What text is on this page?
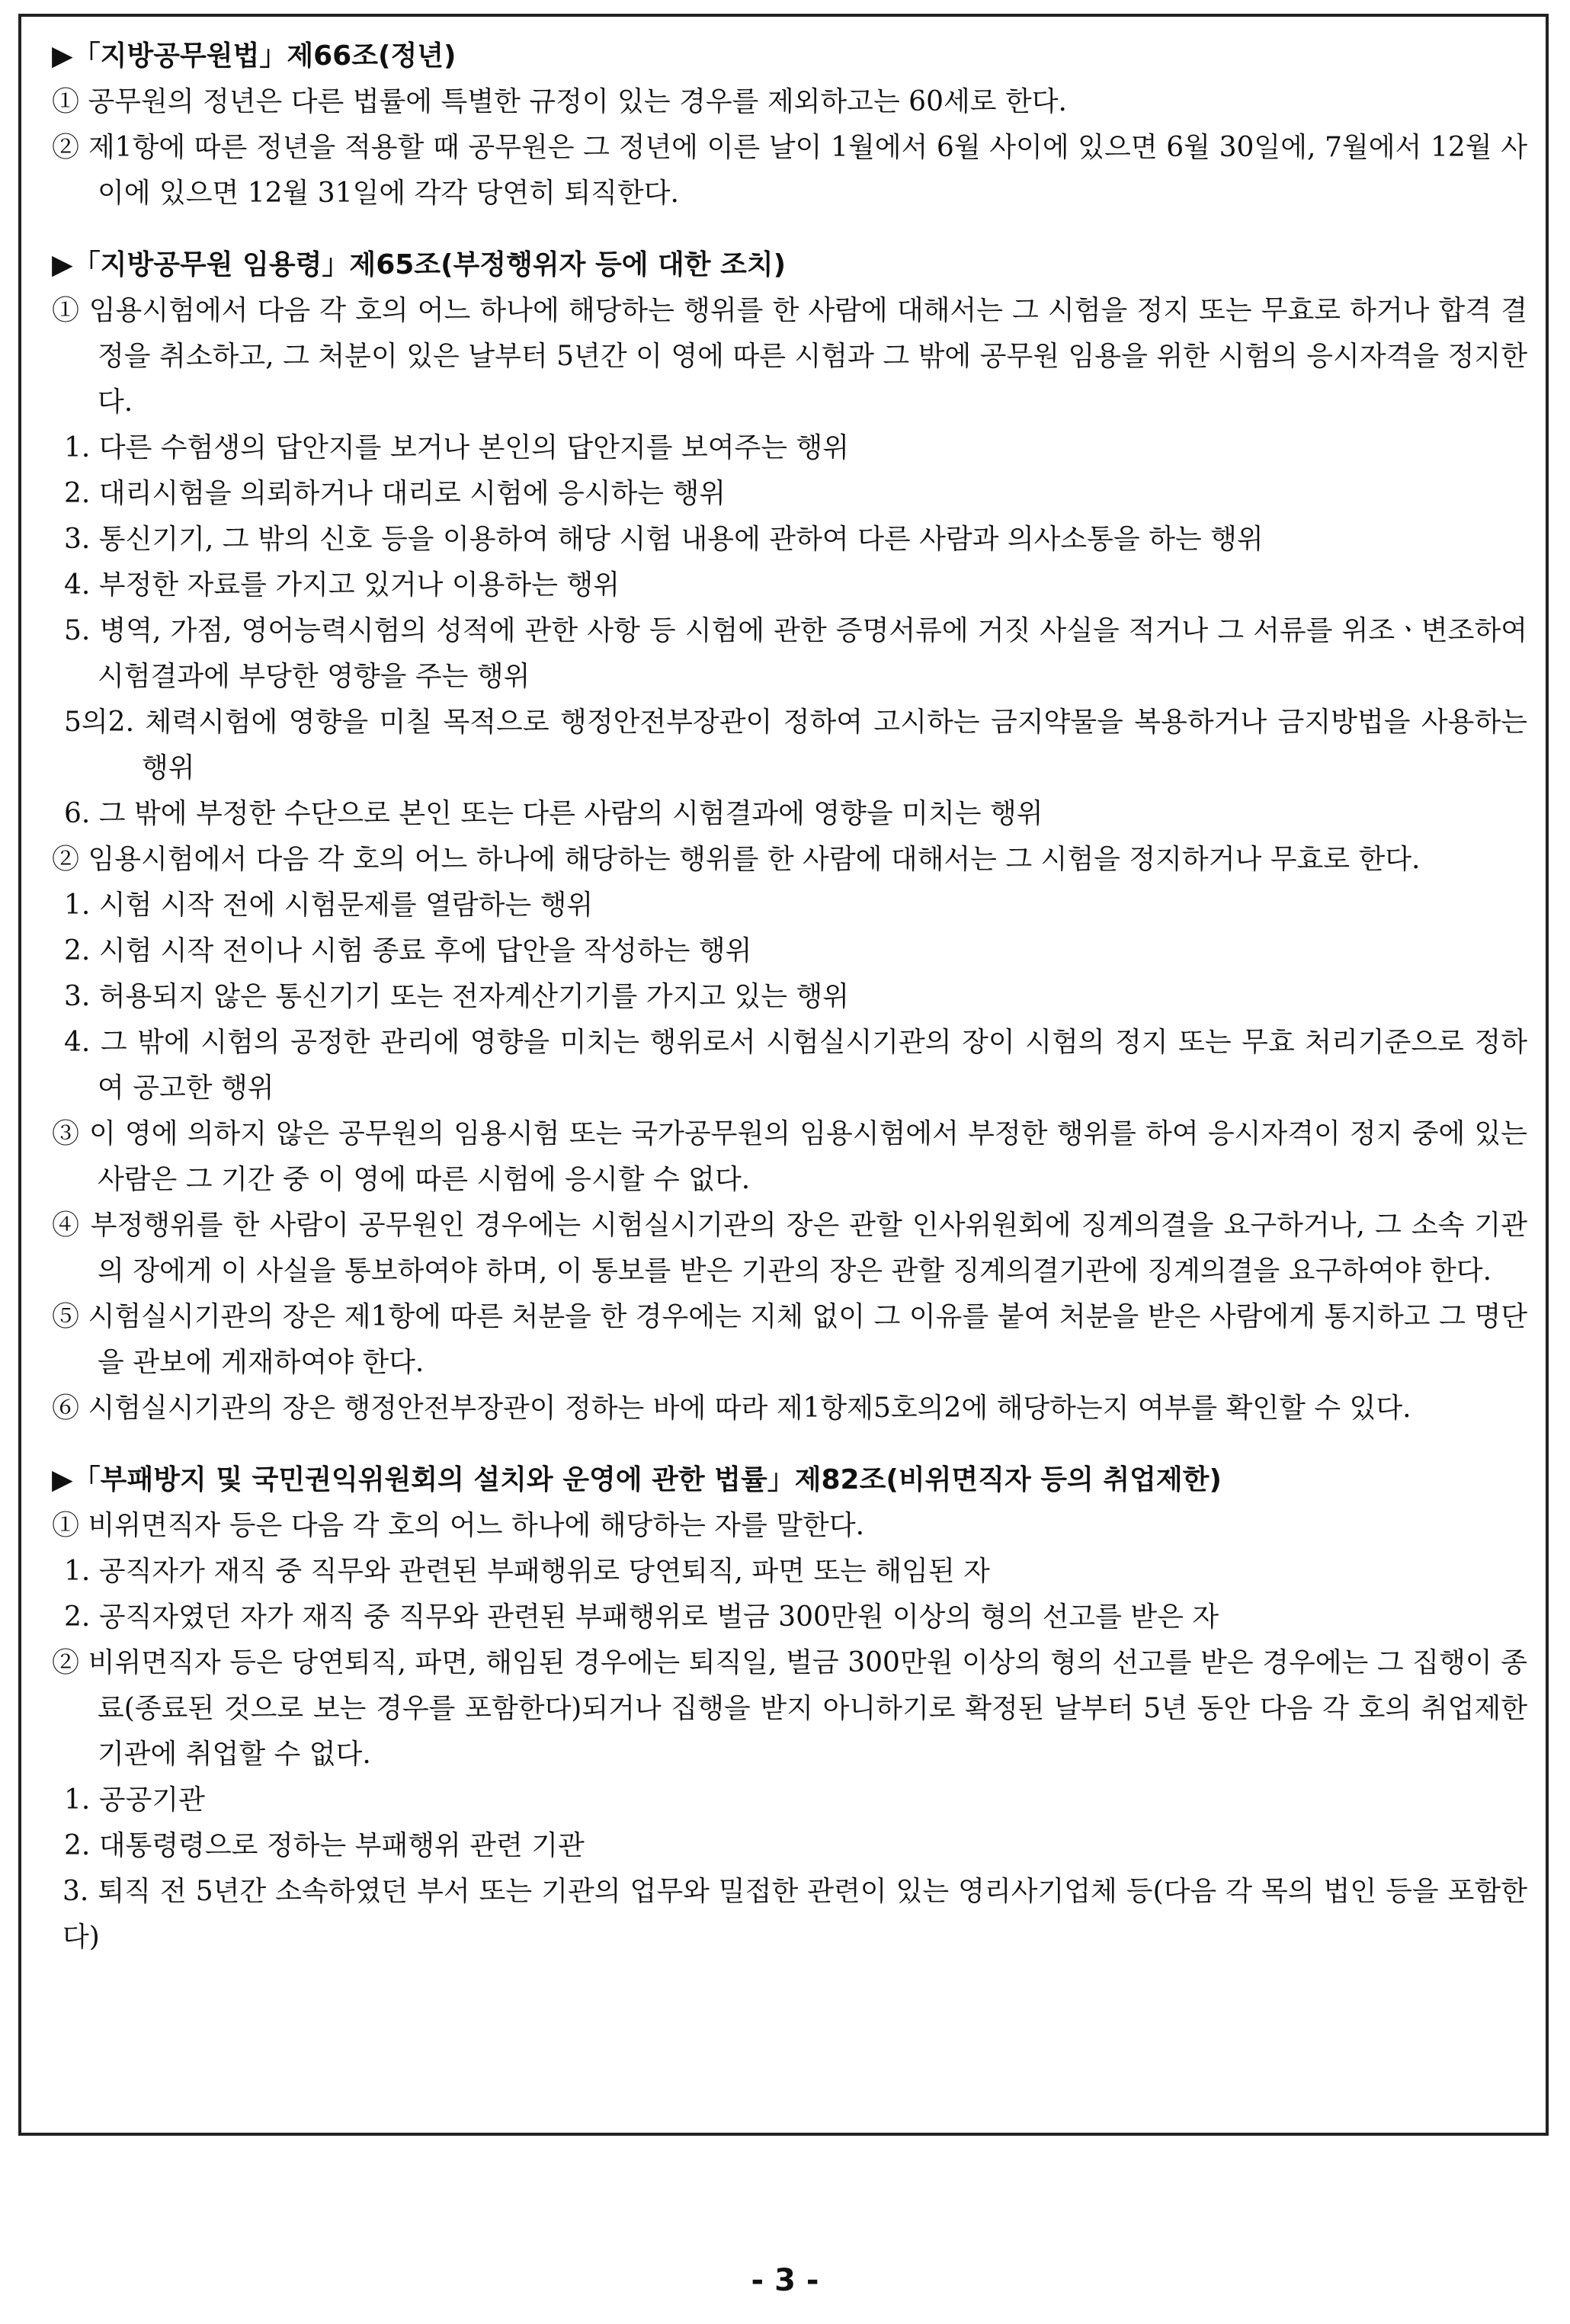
▶「지방공무원법」제66조(정년)

① 공무원의 정년은 다른 법률에 특별한 규정이 있는 경우를 제외하고는 60세로 한다.

② 제1항에 따른 정년을 적용할 때 공무원은 그 정년에 이른 날이 1월에서 6월 사이에 있으면 6월 30일에, 7월에서 12월 사이에 있으면 12월 31일에 각각 당연히 퇴직한다.

▶「지방공무원 임용령」제65조(부정행위자 등에 대한 조치)

① 임용시험에서 다음 각 호의 어느 하나에 해당하는 행위를 한 사람에 대해서는 그 시험을 정지 또는 무효로 하거나 합격 결정을 취소하고, 그 처분이 있은 날부터 5년간 이 영에 따른 시험과 그 밖에 공무원 임용을 위한 시험의 응시자격을 정지한다.

1. 다른 수험생의 답안지를 보거나 본인의 답안지를 보여주는 행위

2. 대리시험을 의뢰하거나 대리로 시험에 응시하는 행위

3. 통신기기, 그 밖의 신호 등을 이용하여 해당 시험 내용에 관하여 다른 사람과 의사소통을 하는 행위

4. 부정한 자료를 가지고 있거나 이용하는 행위

5. 병역, 가점, 영어능력시험의 성적에 관한 사항 등 시험에 관한 증명서류에 거짓 사실을 적거나 그 서류를 위조ㆍ변조하여 시험결과에 부당한 영향을 주는 행위

5의2. 체력시험에 영향을 미칠 목적으로 행정안전부장관이 정하여 고시하는 금지약물을 복용하거나 금지방법을 사용하는 행위

6. 그 밖에 부정한 수단으로 본인 또는 다른 사람의 시험결과에 영향을 미치는 행위

② 임용시험에서 다음 각 호의 어느 하나에 해당하는 행위를 한 사람에 대해서는 그 시험을 정지하거나 무효로 한다.

1. 시험 시작 전에 시험문제를 열람하는 행위

2. 시험 시작 전이나 시험 종료 후에 답안을 작성하는 행위

3. 허용되지 않은 통신기기 또는 전자계산기기를 가지고 있는 행위

4. 그 밖에 시험의 공정한 관리에 영향을 미치는 행위로서 시험실시기관의 장이 시험의 정지 또는 무효 처리기준으로 정하여 공고한 행위

③ 이 영에 의하지 않은 공무원의 임용시험 또는 국가공무원의 임용시험에서 부정한 행위를 하여 응시자격이 정지 중에 있는 사람은 그 기간 중 이 영에 따른 시험에 응시할 수 없다.

④ 부정행위를 한 사람이 공무원인 경우에는 시험실시기관의 장은 관할 인사위원회에 징계의결을 요구하거나, 그 소속 기관의 장에게 이 사실을 통보하여야 하며, 이 통보를 받은 기관의 장은 관할 징계의결기관에 징계의결을 요구하여야 한다.

⑤ 시험실시기관의 장은 제1항에 따른 처분을 한 경우에는 지체 없이 그 이유를 붙여 처분을 받은 사람에게 통지하고 그 명단을 관보에 게재하여야 한다.

⑥ 시험실시기관의 장은 행정안전부장관이 정하는 바에 따라 제1항제5호의2에 해당하는지 여부를 확인할 수 있다.

▶「부패방지 및 국민권익위원회의 설치와 운영에 관한 법률」제82조(비위면직자 등의 취업제한)

① 비위면직자 등은 다음 각 호의 어느 하나에 해당하는 자를 말한다.

1. 공직자가 재직 중 직무와 관련된 부패행위로 당연퇴직, 파면 또는 해임된 자

2. 공직자였던 자가 재직 중 직무와 관련된 부패행위로 벌금 300만원 이상의 형의 선고를 받은 자

② 비위면직자 등은 당연퇴직, 파면, 해임된 경우에는 퇴직일, 벌금 300만원 이상의 형의 선고를 받은 경우에는 그 집행이 종료(종료된 것으로 보는 경우를 포함한다)되거나 집행을 받지 아니하기로 확정된 날부터 5년 동안 다음 각 호의 취업제한기관에 취업할 수 없다.

1. 공공기관

2. 대통령령으로 정하는 부패행위 관련 기관

3. 퇴직 전 5년간 소속하였던 부서 또는 기관의 업무와 밀접한 관련이 있는 영리사기업체 등(다음 각 목의 법인 등을 포함한다)

- 3 -
